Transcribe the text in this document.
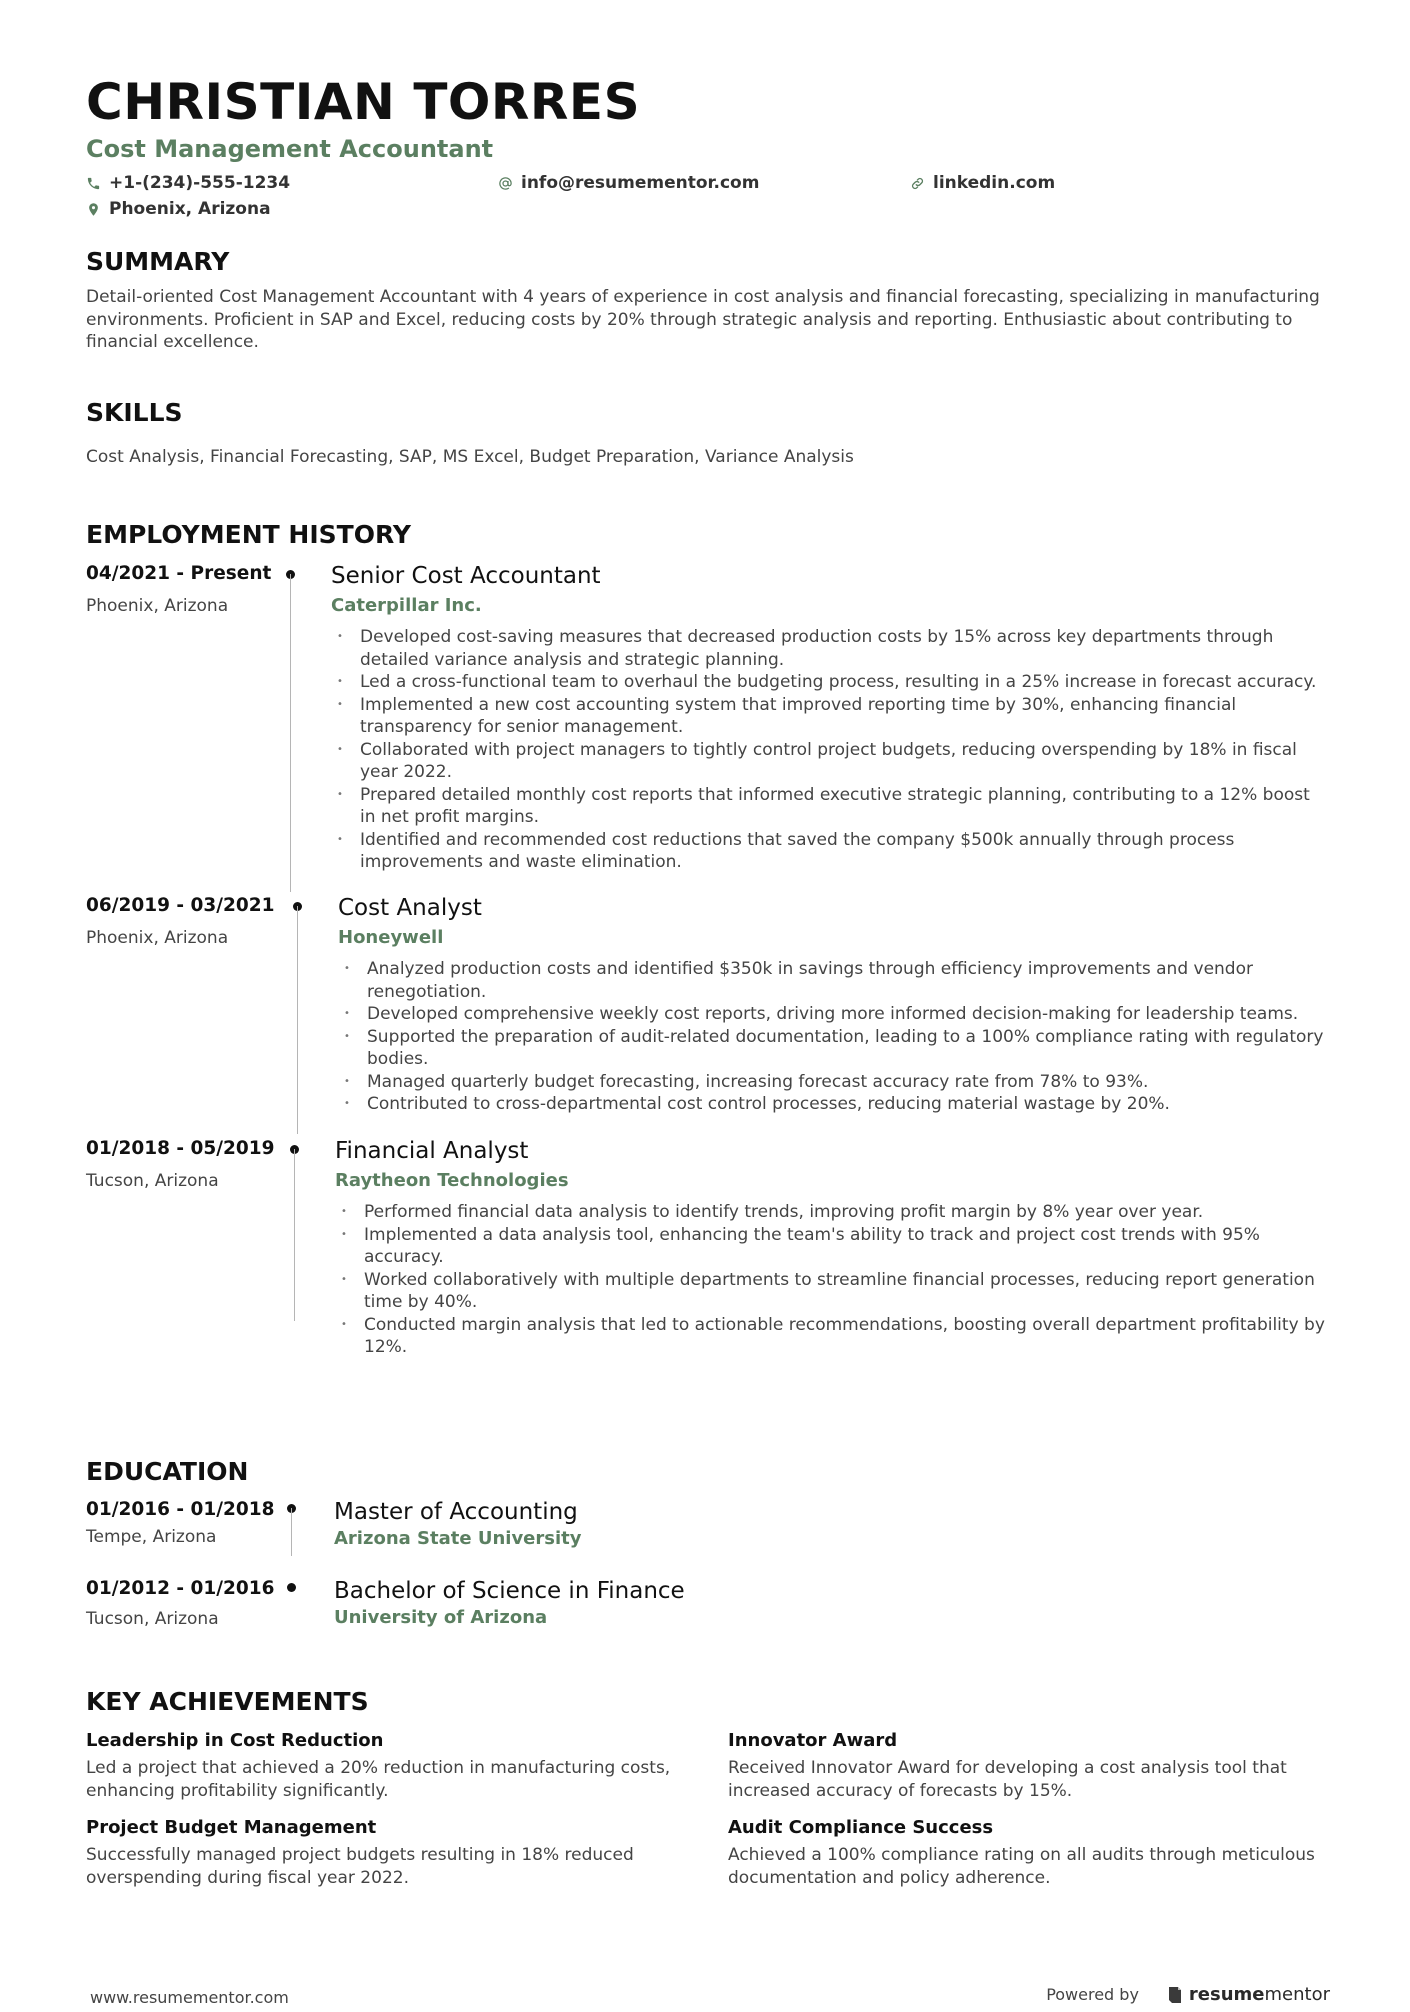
CHRISTIAN TORRES

Cost Management Accountant

+1-(234)-555-1234	info@resumementor.com	linkedin.com
Phoenix, Arizona
SUMMARY
Detail-oriented Cost Management Accountant with 4 years of experience in cost analysis and financial forecasting, specializing in manufacturing environments. Proficient in SAP and Excel, reducing costs by 20% through strategic analysis and reporting. Enthusiastic about contributing to financial excellence.
SKILLS
Cost Analysis, Financial Forecasting, SAP, MS Excel, Budget Preparation, Variance Analysis
EMPLOYMENT HISTORY
04/2021 - Present
Phoenix, Arizona
Senior Cost Accountant
Caterpillar Inc.
• Developed cost-saving measures that decreased production costs by 15% across key departments through detailed variance analysis and strategic planning.
• Led a cross-functional team to overhaul the budgeting process, resulting in a 25% increase in forecast accuracy.
• Implemented a new cost accounting system that improved reporting time by 30%, enhancing financial transparency for senior management.
• Collaborated with project managers to tightly control project budgets, reducing overspending by 18% in fiscal year 2022.
• Prepared detailed monthly cost reports that informed executive strategic planning, contributing to a 12% boost in net profit margins.
• Identified and recommended cost reductions that saved the company $500k annually through process improvements and waste elimination.
06/2019 - 03/2021
Phoenix, Arizona
Cost Analyst
Honeywell
• Analyzed production costs and identified $350k in savings through efficiency improvements and vendor renegotiation.
• Developed comprehensive weekly cost reports, driving more informed decision-making for leadership teams.
• Supported the preparation of audit-related documentation, leading to a 100% compliance rating with regulatory bodies.
• Managed quarterly budget forecasting, increasing forecast accuracy rate from 78% to 93%.
• Contributed to cross-departmental cost control processes, reducing material wastage by 20%.
01/2018 - 05/2019
Tucson, Arizona
Financial Analyst
Raytheon Technologies
• Performed financial data analysis to identify trends, improving profit margin by 8% year over year.
• Implemented a data analysis tool, enhancing the team's ability to track and project cost trends with 95% accuracy.
• Worked collaboratively with multiple departments to streamline financial processes, reducing report generation time by 40%.
• Conducted margin analysis that led to actionable recommendations, boosting overall department profitability by 12%.
EDUCATION
01/2016 - 01/2018
Tempe, Arizona
Master of Accounting
Arizona State University
01/2012 - 01/2016
Tucson, Arizona
Bachelor of Science in Finance
University of Arizona
KEY ACHIEVEMENTS
Leadership in Cost Reduction
Led a project that achieved a 20% reduction in manufacturing costs, enhancing profitability significantly.
Innovator Award
Received Innovator Award for developing a cost analysis tool that increased accuracy of forecasts by 15%.
Project Budget Management
Successfully managed project budgets resulting in 18% reduced overspending during fiscal year 2022.
Audit Compliance Success
Achieved a 100% compliance rating on all audits through meticulous documentation and policy adherence.
www.resumementor.com	Powered by	resume mentor
